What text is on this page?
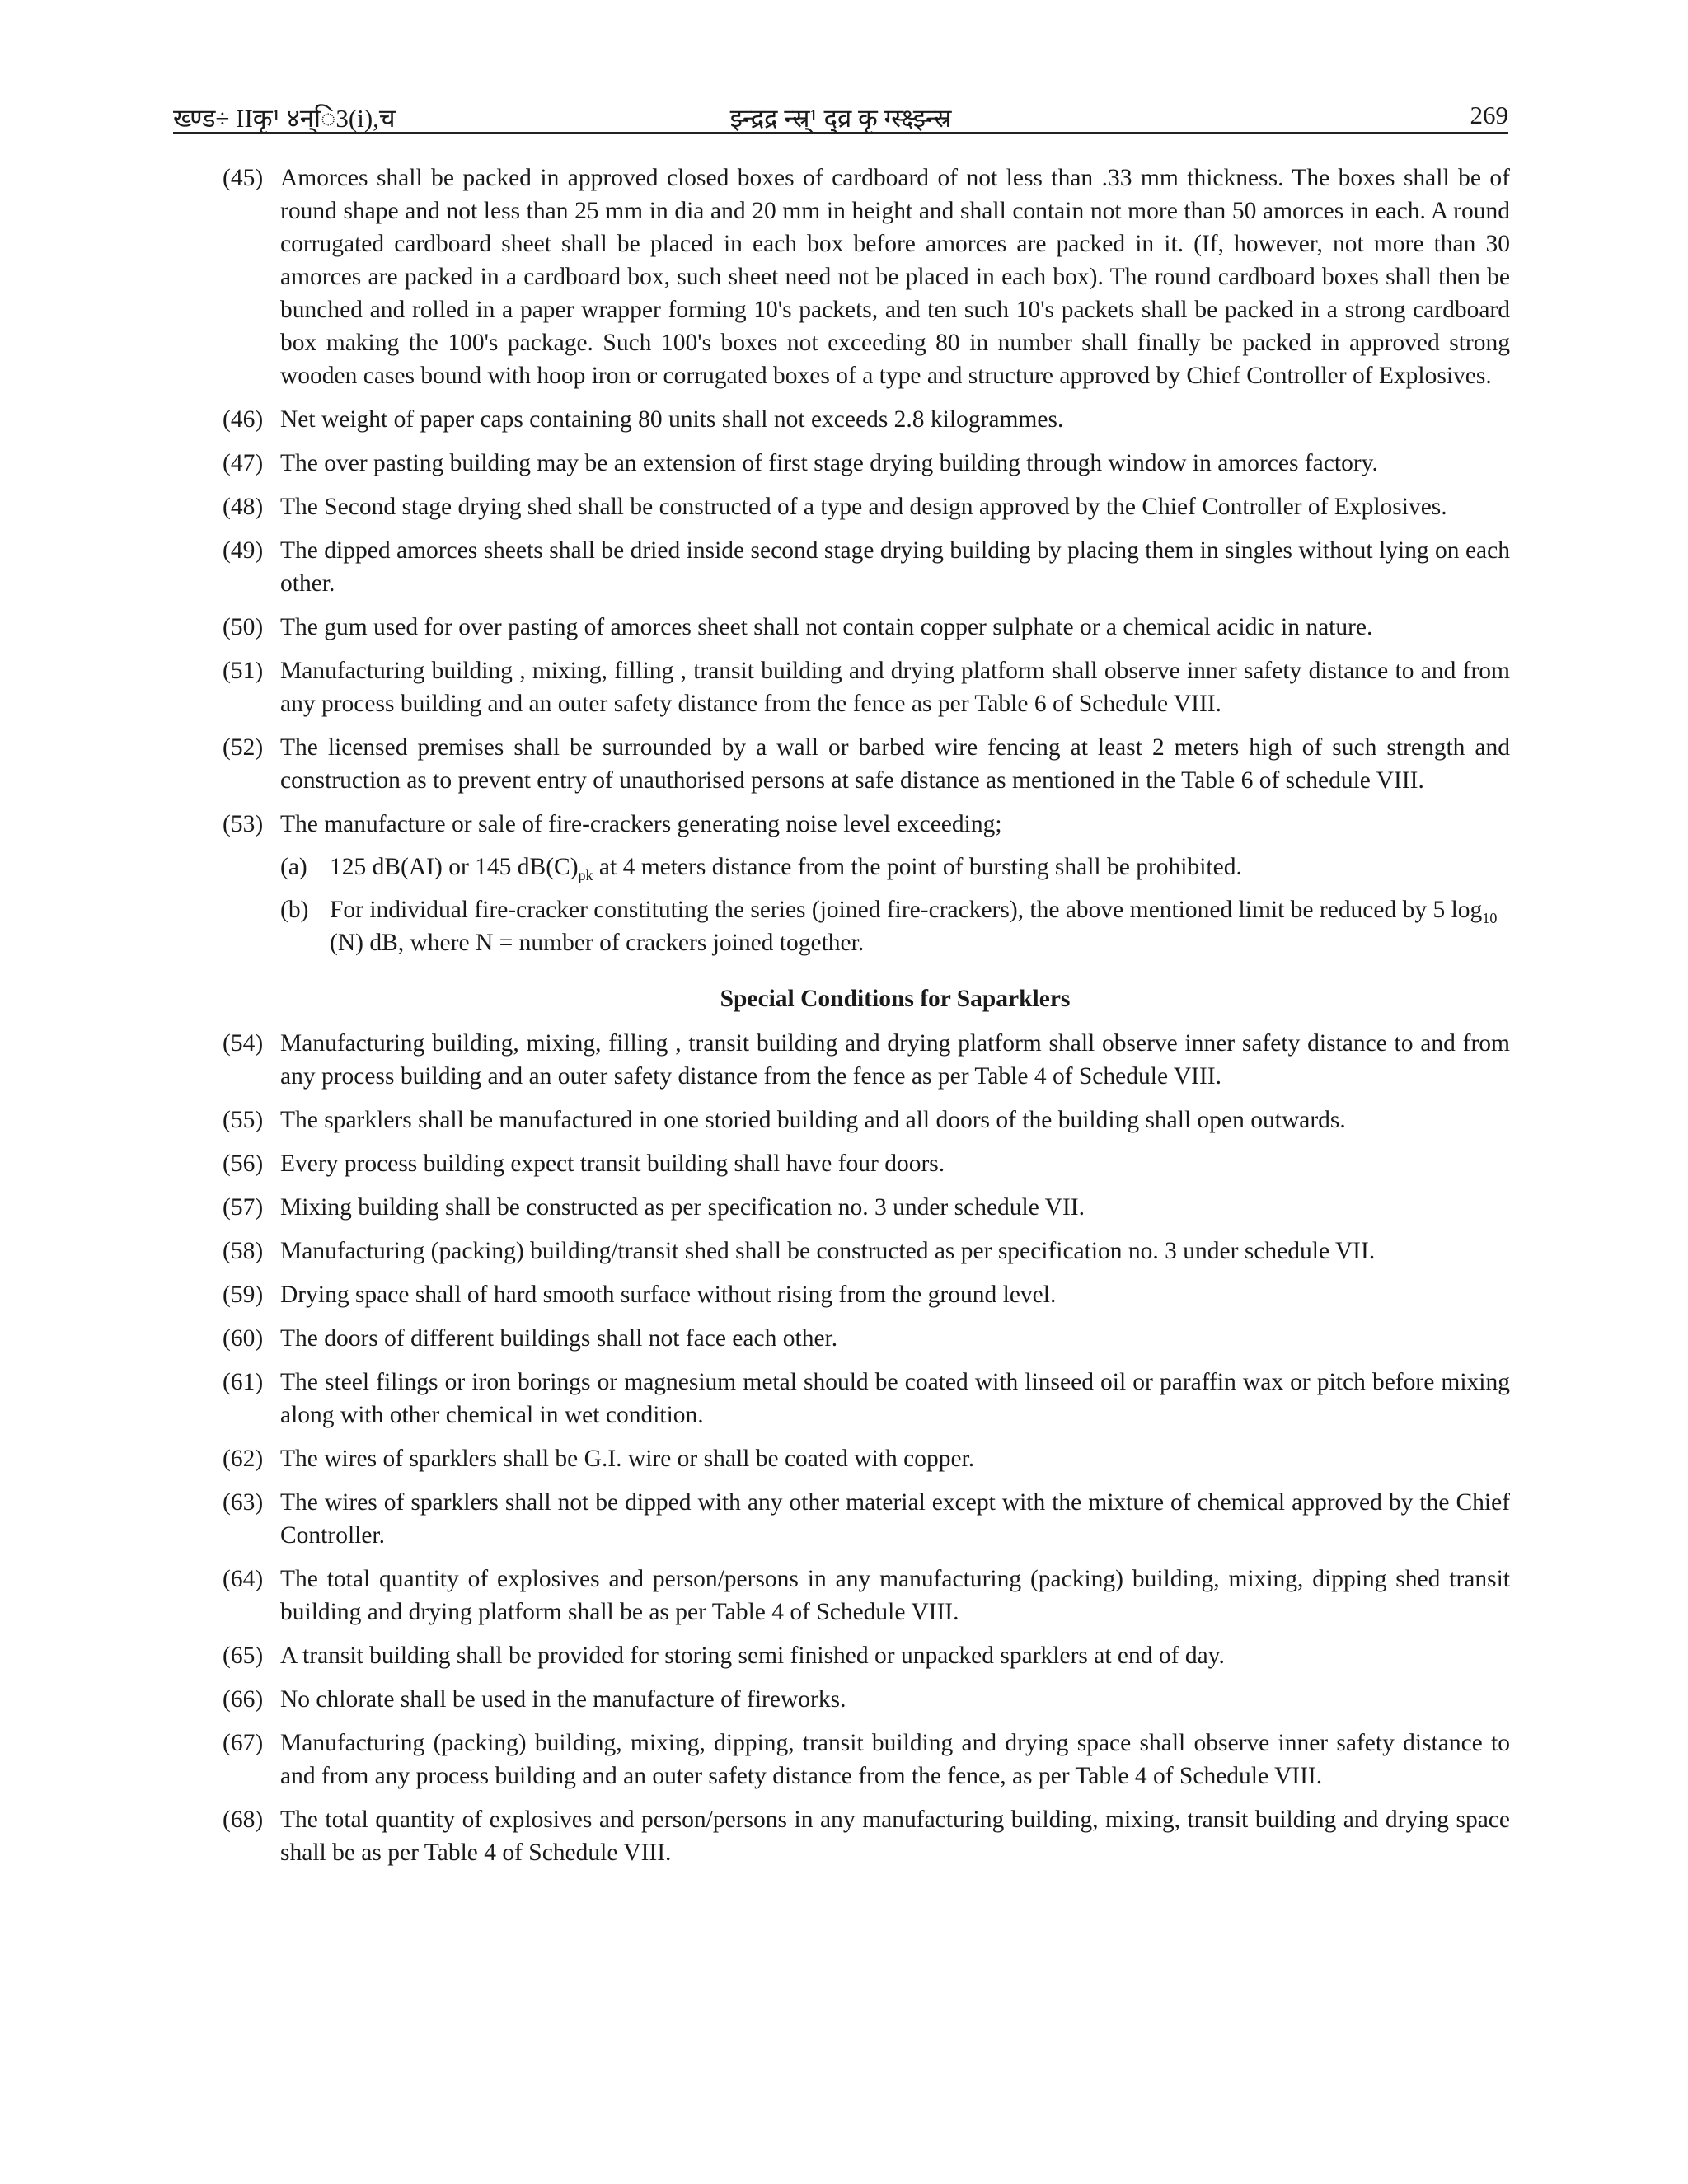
ख्ण्ड÷ IIकृ¹ ४न्ि3(i),च	झ्न्द्रद्र न्स्र्¹ द्व्र कृ ग्स्क्ष्झ्न्स्र	269
(45) Amorces shall be packed in approved closed boxes of cardboard of not less than .33 mm thickness. The boxes shall be of round shape and not less than 25 mm in dia and 20 mm in height and shall contain not more than 50 amorces in each. A round corrugated cardboard sheet shall be placed in each box before amorces are packed in it. (If, however, not more than 30 amorces are packed in a cardboard box, such sheet need not be placed in each box). The round cardboard boxes shall then be bunched and rolled in a paper wrapper forming 10's packets, and ten such 10's packets shall be packed in a strong cardboard box making the 100's package. Such 100's boxes not exceeding 80 in number shall finally be packed in approved strong wooden cases bound with hoop iron or corrugated boxes of a type and structure approved by Chief Controller of Explosives.
(46) Net weight of paper caps containing 80 units shall not exceeds 2.8 kilogrammes.
(47) The over pasting building may be an extension of first stage drying building through window in amorces factory.
(48) The Second stage drying shed shall be constructed of a type and design approved by the Chief Controller of Explosives.
(49) The dipped amorces sheets shall be dried inside second stage drying building by placing them in singles without lying on each other.
(50) The gum used for over pasting of amorces sheet shall not contain copper sulphate or a chemical acidic in nature.
(51) Manufacturing building , mixing, filling , transit building and drying platform shall observe inner safety distance to and from any process building and an outer safety distance from the fence as per Table 6 of Schedule VIII.
(52) The licensed premises shall be surrounded by a wall or barbed wire fencing at least 2 meters high of such strength and construction as to prevent entry of unauthorised persons at safe distance as mentioned in the Table 6 of schedule VIII.
(53) The manufacture or sale of fire-crackers generating noise level exceeding;
(a) 125 dB(AI) or 145 $dB(C)_{pk}$ at 4 meters distance from the point of bursting shall be prohibited.
(b) For individual fire-cracker constituting the series (joined fire-crackers), the above mentioned limit be reduced by 5 $\log_{10} (N)$ dB, where N = number of crackers joined together.
Special Conditions for Saparklers
(54) Manufacturing building, mixing, filling , transit building and drying platform shall observe inner safety distance to and from any process building and an outer safety distance from the fence as per Table 4 of Schedule VIII.
(55) The sparklers shall be manufactured in one storied building and all doors of the building shall open outwards.
(56) Every process building expect transit building shall have four doors.
(57) Mixing building shall be constructed as per specification no. 3 under schedule VII.
(58) Manufacturing (packing) building/transit shed shall be constructed as per specification no. 3 under schedule VII.
(59) Drying space shall of hard smooth surface without rising from the ground level.
(60) The doors of different buildings shall not face each other.
(61) The steel filings or iron borings or magnesium metal should be coated with linseed oil or paraffin wax or pitch before mixing along with other chemical in wet condition.
(62) The wires of sparklers shall be G.I. wire or shall be coated with copper.
(63) The wires of sparklers shall not be dipped with any other material except with the mixture of chemical approved by the Chief Controller.
(64) The total quantity of explosives and person/persons in any manufacturing (packing) building, mixing, dipping shed transit building and drying platform shall be as per Table 4 of Schedule VIII.
(65) A transit building shall be provided for storing semi finished or unpacked sparklers at end of day.
(66) No chlorate shall be used in the manufacture of fireworks.
(67) Manufacturing (packing) building, mixing, dipping, transit building and drying space shall observe inner safety distance to and from any process building and an outer safety distance from the fence, as per Table 4 of Schedule VIII.
(68) The total quantity of explosives and person/persons in any manufacturing building, mixing, transit building and drying space shall be as per Table 4 of Schedule VIII.
